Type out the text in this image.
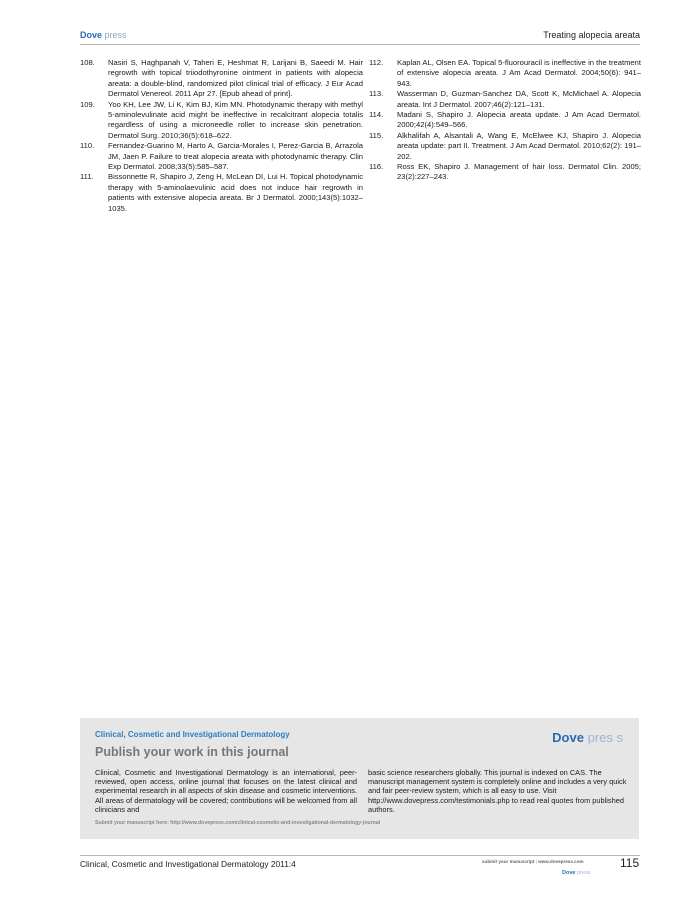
Dove press	Treating alopecia areata
108.	Nasiri S, Haghpanah V, Taheri E, Heshmat R, Larijani B, Saeedi M. Hair regrowth with topical triiodothyronine ointment in patients with alopecia areata: a double-blind, randomized pilot clinical trial of efficacy. J Eur Acad Dermatol Venereol. 2011 Apr 27. [Epub ahead of print].
109.	Yoo KH, Lee JW, Li K, Kim BJ, Kim MN. Photodynamic therapy with methyl 5-aminolevulinate acid might be ineffective in recalcitrant alopecia totalis regardless of using a microneedle roller to increase skin penetration. Dermatol Surg. 2010;36(5):618–622.
110.	Fernandez-Guarino M, Harto A, Garcia-Morales I, Perez-Garcia B, Arrazola JM, Jaen P. Failure to treat alopecia areata with photodynamic therapy. Clin Exp Dermatol. 2008;33(5):585–587.
111.	Bissonnette R, Shapiro J, Zeng H, McLean DI, Lui H. Topical photodynamic therapy with 5-aminolaevulinic acid does not induce hair regrowth in patients with extensive alopecia areata. Br J Dermatol. 2000;143(5):1032–1035.
112.	Kaplan AL, Olsen EA. Topical 5-fluorouracil is ineffective in the treatment of extensive alopecia areata. J Am Acad Dermatol. 2004;50(6): 941–943.
113.	Wasserman D, Guzman-Sanchez DA, Scott K, McMichael A. Alopecia areata. Int J Dermatol. 2007;46(2):121–131.
114.	Madani S, Shapiro J. Alopecia areata update. J Am Acad Dermatol. 2000;42(4):549–566.
115.	Alkhalifah A, Alsantali A, Wang E, McElwee KJ, Shapiro J. Alopecia areata update: part II. Treatment. J Am Acad Dermatol. 2010;62(2): 191–202.
116.	Ross EK, Shapiro J. Management of hair loss. Dermatol Clin. 2005; 23(2):227–243.
Clinical, Cosmetic and Investigational Dermatology
Publish your work in this journal
Dove pres s
Clinical, Cosmetic and Investigational Dermatology is an international, peer-reviewed, open access, online journal that focuses on the latest clinical and experimental research in all aspects of skin disease and cosmetic interventions. All areas of dermatology will be covered; contributions will be welcomed from all clinicians and
basic science researchers globally. This journal is indexed on CAS. The manuscript management system is completely online and includes a very quick and fair peer-review system, which is all easy to use. Visit http://www.dovepress.com/testimonials.php to read real quotes from published authors.
Submit your manuscript here: http://www.dovepress.com/clinical-cosmetic-and-investigational-dermatology-journal
Clinical, Cosmetic and Investigational Dermatology 2011:4	submit your manuscript | www.dovepress.com
Dove press
115
